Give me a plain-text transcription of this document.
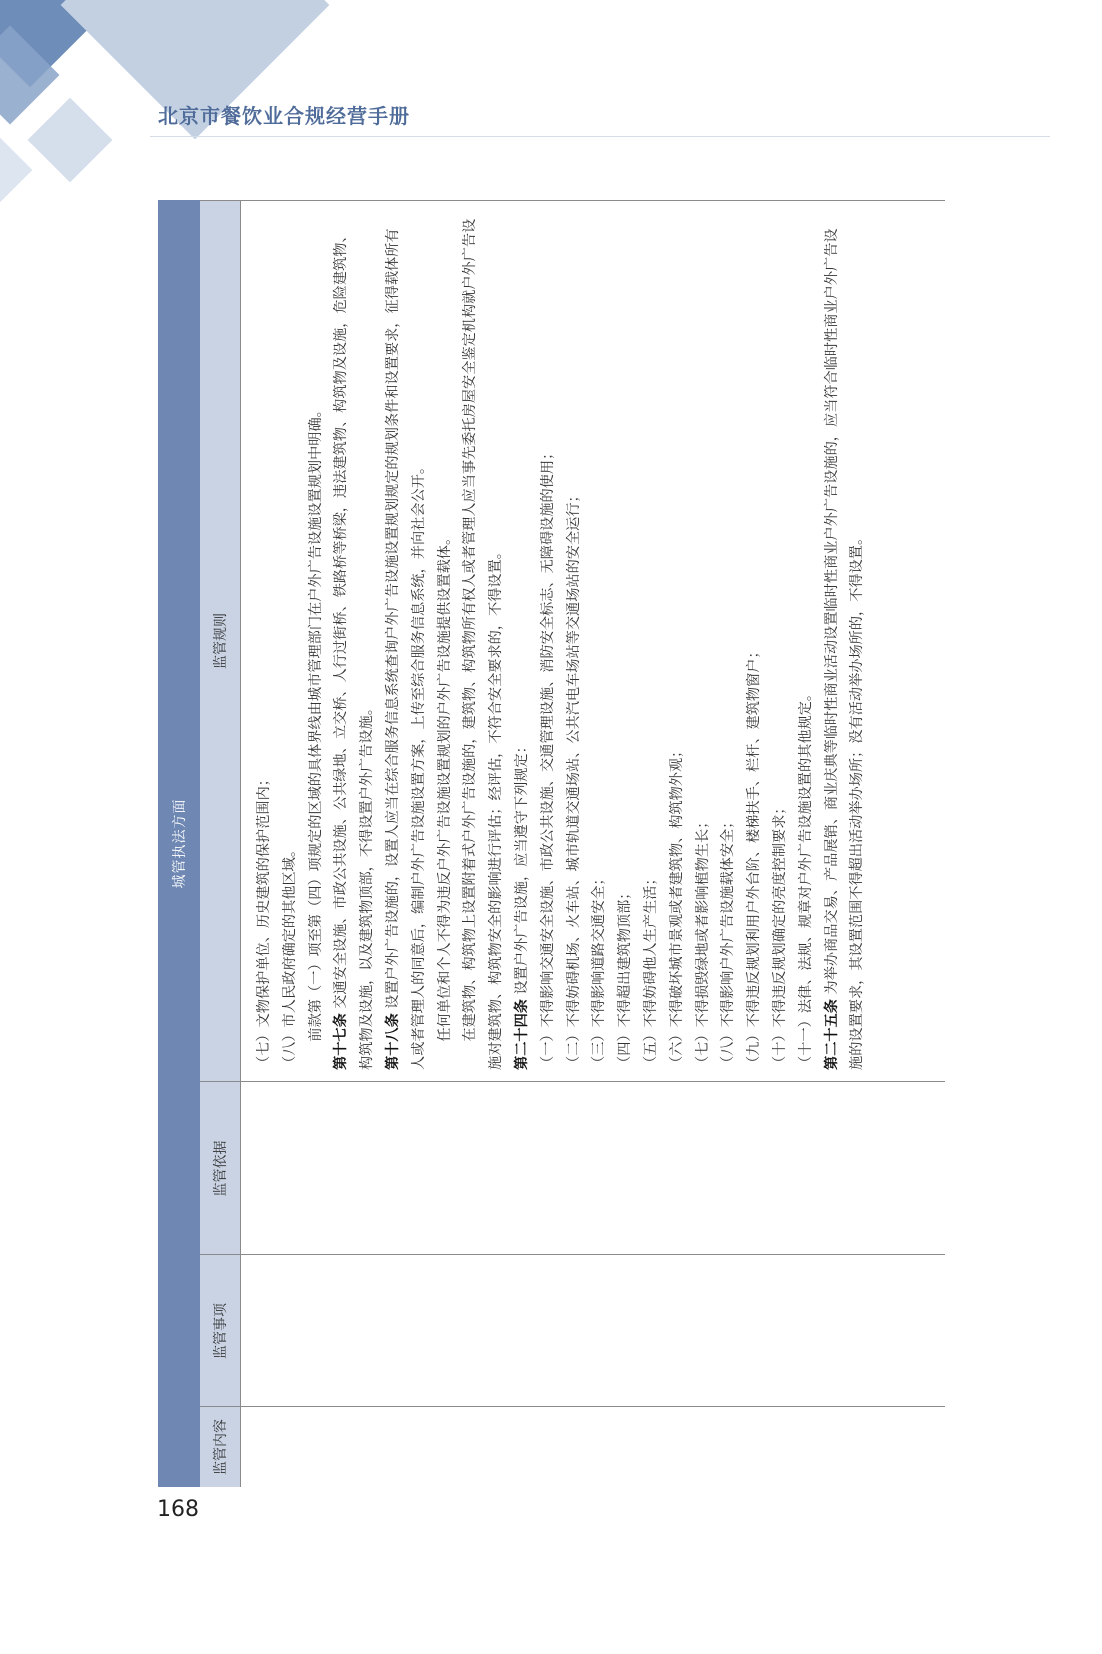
北京市餐饮业合规经营手册
城管执法方面
监管内容
监管事项
监管依据
监管规则

（七）文物保护单位、历史建筑的保护范围内； （八）市人民政府确定的其他区域。 前款第（一）项至第（四）项规定的区域的具体界线由城市管理部门在户外广告设施设置规划中明确。

第十七条 交通安全设施、市政公共设施、公共绿地、立交桥、人行过街桥、铁路桥等桥梁，违法建筑物、构筑物及设施，危险建筑物、构筑物及设施，以及建筑物顶部，不得设置户外广告设施。 第十八条 设置户外广告设施的，设置人应当在综合服务信息系统查询户外广告设施设置规划规定的规划条件和设置要求，征得载体所有人或者管理人的同意后，编制户外广告设施设置方案，上传至综合服务信息系统，并向社会公开。 任何单位和个人不得为违反户外广告设施设置规划的户外广告设施提供设置载体。 在建筑物、构筑物上设置附着式户外广告设施的，建筑物、构筑物所有权人或者管理人应当事先委托房屋安全鉴定机构就户外广告设施对建筑物、构筑物安全的影响进行评估；经评估，不符合安全要求的，不得设置。 第二十四条 设置户外广告设施，应当遵守下列规定： （一）不得影响交通安全设施、市政公共设施、交通管理设施、消防安全标志、无障碍设施的使用； （二）不得妨碍机场、火车站、城市轨道交通场站、公共汽电车场站等交通场站的安全运行； （三）不得影响道路交通安全； （四）不得超出建筑物顶部； （五）不得妨碍他人生产生活； （六）不得破坏城市景观或者建筑物、构筑物外观； （七）不得损毁绿地或者影响植物生长； （八）不得影响户外广告设施载体安全； （九）不得违反规划利用户外台阶、楼梯扶手、栏杆、建筑物窗户； （十）不得违反规划确定的亮度控制要求； （十一）法律、法规、规章对户外广告设施设置的其他规定。 第二十五条 为举办商品交易、产品展销、商业庆典等临时性商业活动设置临时性商业户外广告设施的，应当符合临时性商业户外广告设施的设置要求，其设置范围不得超出活动举办场所；没有活动举办场所的，不得设置。

168
